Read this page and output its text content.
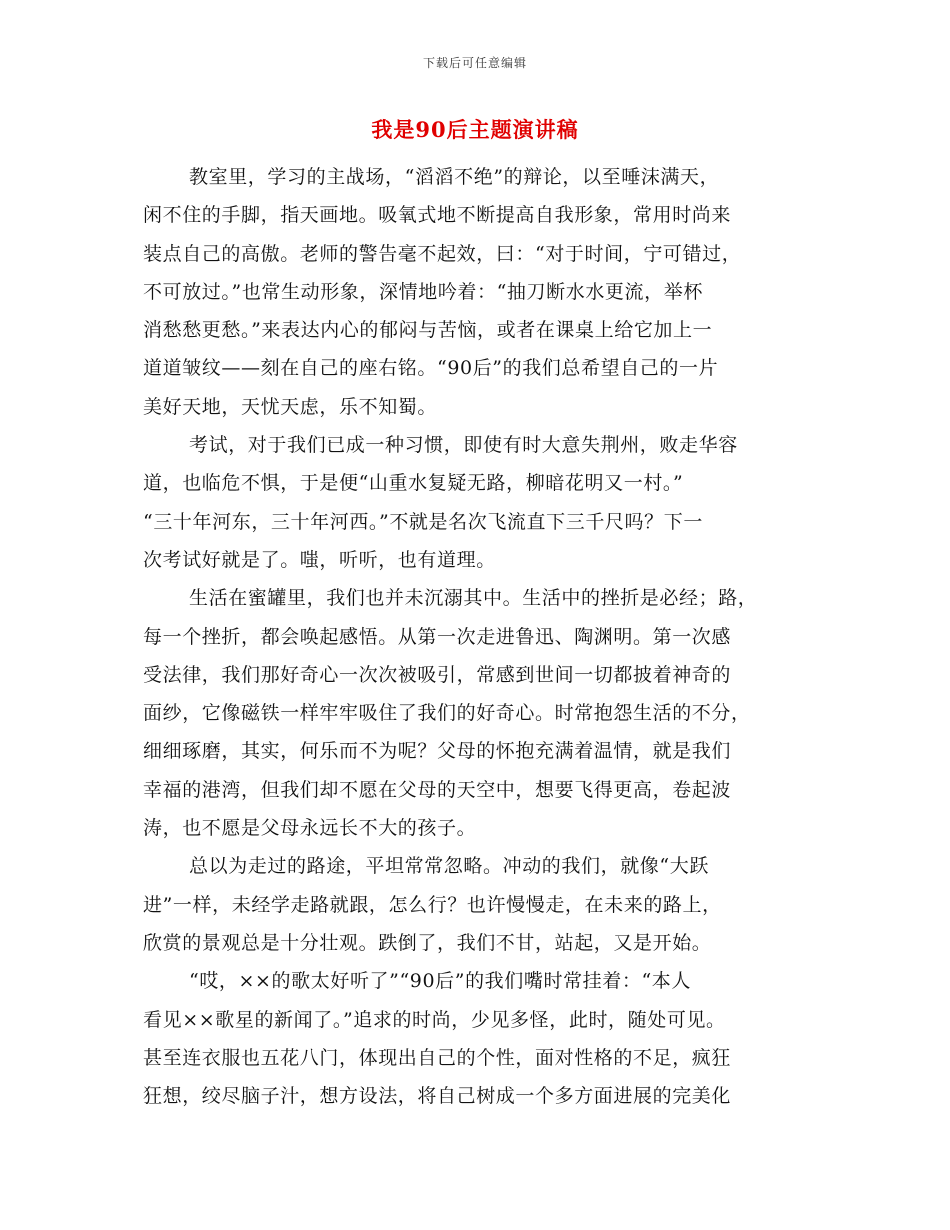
下载后可任意编辑
我是90后主题演讲稿
教室里，学习的主战场，“滔滔不绝”的辩论，以至唾沫满天，
闲不住的手脚，指天画地。吸氧式地不断提高自我形象，常用时尚来
装点自己的高傲。老师的警告毫不起效，曰：“对于时间，宁可错过，
不可放过。”也常生动形象，深情地吟着：“抽刀断水水更流，举杯
消愁愁更愁。”来表达内心的郁闷与苦恼，或者在课桌上给它加上一
道道皱纹——刻在自己的座右铭。“90后”的我们总希望自己的一片
美好天地，天忧天虑，乐不知蜀。
考试，对于我们已成一种习惯，即使有时大意失荆州，败走华容
道，也临危不惧，于是便“山重水复疑无路，柳暗花明又一村。”
“三十年河东，三十年河西。”不就是名次飞流直下三千尺吗？下一
次考试好就是了。嗤，听听，也有道理。
生活在蜜罐里，我们也并未沉溺其中。生活中的挫折是必经；路，
每一个挫折，都会唤起感悟。从第一次走进鲁迅、陶渊明。第一次感
受法律，我们那好奇心一次次被吸引，常感到世间一切都披着神奇的
面纱，它像磁铁一样牢牢吸住了我们的好奇心。时常抱怨生活的不分，
细细琢磨，其实，何乐而不为呢？父母的怀抱充满着温情，就是我们
幸福的港湾，但我们却不愿在父母的天空中，想要飞得更高，卷起波
涛，也不愿是父母永远长不大的孩子。
总以为走过的路途，平坦常常忽略。冲动的我们，就像“大跃
进”一样，未经学走路就跟，怎么行？也许慢慢走，在未来的路上，
欣赏的景观总是十分壮观。跌倒了，我们不甘，站起，又是开始。
“哎，××的歌太好听了”“90后”的我们嘴时常挂着：“本人
看见××歌星的新闻了。”追求的时尚，少见多怪，此时，随处可见。
甚至连衣服也五花八门，体现出自己的个性，面对性格的不足，疯狂
狂想，绞尽脑子汁，想方设法，将自己树成一个多方面进展的完美化
